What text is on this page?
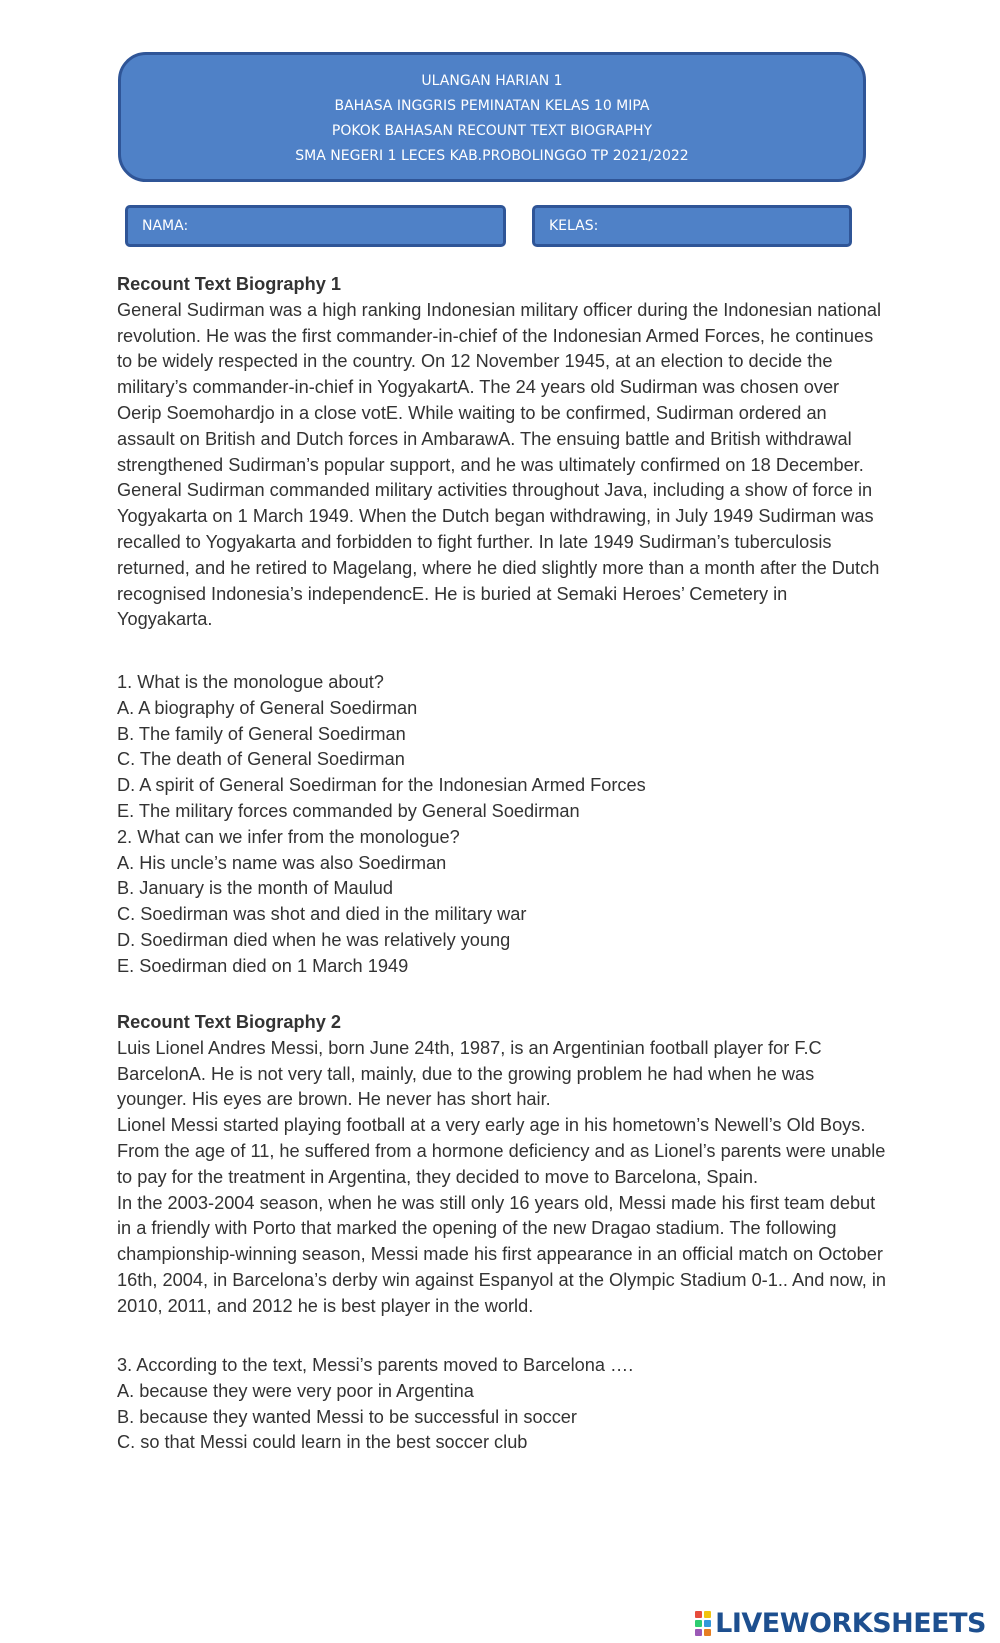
ULANGAN HARIAN 1
BAHASA INGGRIS PEMINATAN KELAS 10 MIPA
POKOK BAHASAN RECOUNT TEXT BIOGRAPHY
SMA NEGERI 1 LECES KAB.PROBOLINGGO TP 2021/2022
NAMA:	KELAS:
Recount Text Biography 1

General Sudirman was a high ranking Indonesian military officer during the Indonesian national revolution. He was the first commander-in-chief of the Indonesian Armed Forces, he continues to be widely respected in the country. On 12 November 1945, at an election to decide the military’s commander-in-chief in YogyakartA. The 24 years old Sudirman was chosen over Oerip Soemohardjo in a close votE. While waiting to be confirmed, Sudirman ordered an assault on British and Dutch forces in AmbarawA. The ensuing battle and British withdrawal strengthened Sudirman’s popular support, and he was ultimately confirmed on 18 December. General Sudirman commanded military activities throughout Java, including a show of force in Yogyakarta on 1 March 1949. When the Dutch began withdrawing, in July 1949 Sudirman was recalled to Yogyakarta and forbidden to fight further. In late 1949 Sudirman’s tuberculosis returned, and he retired to Magelang, where he died slightly more than a month after the Dutch recognised Indonesia’s independencE. He is buried at Semaki Heroes’ Cemetery in Yogyakarta.

1. What is the monologue about?
A. A biography of General Soedirman
B. The family of General Soedirman
C. The death of General Soedirman
D. A spirit of General Soedirman for the Indonesian Armed Forces
E. The military forces commanded by General Soedirman
2. What can we infer from the monologue?
A. His uncle’s name was also Soedirman
B. January is the month of Maulud
C. Soedirman was shot and died in the military war
D. Soedirman died when he was relatively young
E. Soedirman died on 1 March 1949
Recount Text Biography 2

Luis Lionel Andres Messi, born June 24th, 1987, is an Argentinian football player for F.C BarcelonA. He is not very tall, mainly, due to the growing problem he had when he was younger. His eyes are brown. He never has short hair.

Lionel Messi started playing football at a very early age in his hometown’s Newell’s Old Boys. From the age of 11, he suffered from a hormone deficiency and as Lionel’s parents were unable to pay for the treatment in Argentina, they decided to move to Barcelona, Spain.

In the 2003-2004 season, when he was still only 16 years old, Messi made his first team debut in a friendly with Porto that marked the opening of the new Dragao stadium. The following championship-winning season, Messi made his first appearance in an official match on October 16th, 2004, in Barcelona’s derby win against Espanyol at the Olympic Stadium 0-1.. And now, in 2010, 2011, and 2012 he is best player in the world.

3. According to the text, Messi’s parents moved to Barcelona ….
A. because they were very poor in Argentina
B. because they wanted Messi to be successful in soccer
C. so that Messi could learn in the best soccer club
LIVEWORKSHEETS
